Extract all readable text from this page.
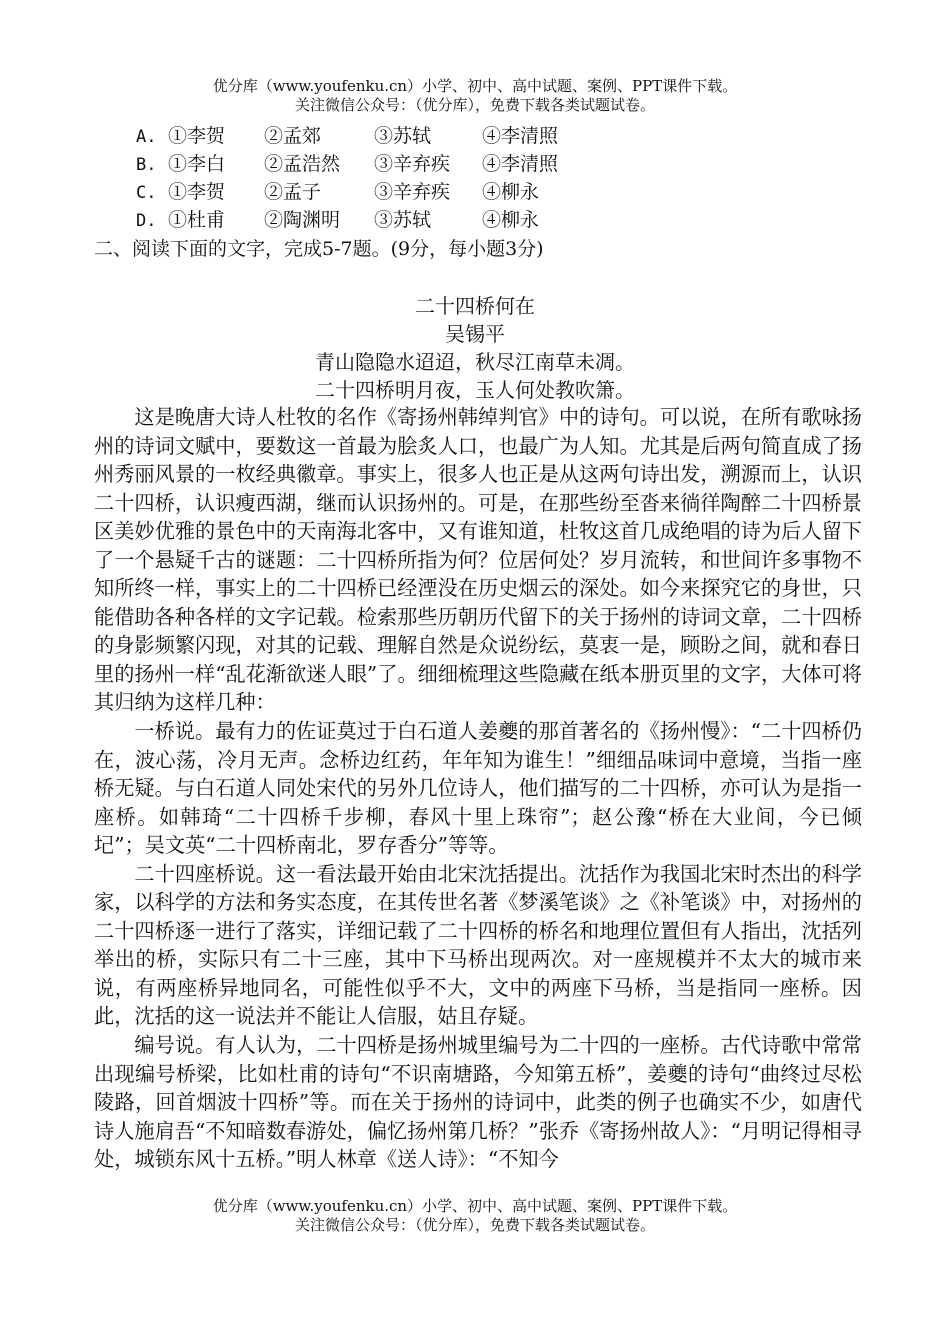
优分库（www.youfenku.cn）小学、初中、高中试题、案例、PPT课件下载。
关注微信公众号：（优分库），免费下载各类试题试卷。
A. ①李贺 ②孟郊	③苏轼	④李清照
B. ①李白 ②孟浩然 ③辛弃疾 ④李清照
C. ①李贺 ②孟子	③辛弃疾 ④柳永
D. ①杜甫 ②陶渊明 ③苏轼	④柳永
二、阅读下面的文字，完成5-7题。(9分，每小题3分)
二十四桥何在
吴锡平
青山隐隐水迢迢，秋尽江南草未凋。
二十四桥明月夜，玉人何处教吹箫。

这是晚唐大诗人杜牧的名作《寄扬州韩绰判官》中的诗句。可以说，在所有歌咏扬州的诗词文赋中，要数这一首最为脍炙人口，也最广为人知。尤其是后两句简直成了扬州秀丽风景的一枚经典徽章。事实上，很多人也正是从这两句诗出发，溯源而上，认识二十四桥，认识瘦西湖，继而认识扬州的。可是，在那些纷至沓来徜徉陶醉二十四桥景区美妙优雅的景色中的天南海北客中，又有谁知道，杜牧这首几成绝唱的诗为后人留下了一个悬疑千古的谜题：二十四桥所指为何？位居何处？岁月流转，和世间许多事物不知所终一样，事实上的二十四桥已经湮没在历史烟云的深处。如今来探究它的身世，只能借助各种各样的文字记载。检索那些历朝历代留下的关于扬州的诗词文章，二十四桥的身影频繁闪现，对其的记载、理解自然是众说纷纭，莫衷一是，顾盼之间，就和春日里的扬州一样“乱花渐欲迷人眼”了。细细梳理这些隐藏在纸本册页里的文字，大体可将其归纳为这样几种：

一桥说。最有力的佐证莫过于白石道人姜夔的那首著名的《扬州慢》：“二十四桥仍在，波心荡，冷月无声。念桥边红药，年年知为谁生！”细细品味词中意境，当指一座桥无疑。与白石道人同处宋代的另外几位诗人，他们描写的二十四桥，亦可认为是指一座桥。如韩琦“二十四桥千步柳，春风十里上珠帘”；赵公豫“桥在大业间，今已倾圮”；吴文英“二十四桥南北，罗存香分”等等。

二十四座桥说。这一看法最开始由北宋沈括提出。沈括作为我国北宋时杰出的科学家，以科学的方法和务实态度，在其传世名著《梦溪笔谈》之《补笔谈》中，对扬州的二十四桥逐一进行了落实，详细记载了二十四桥的桥名和地理位置但有人指出，沈括列举出的桥，实际只有二十三座，其中下马桥出现两次。对一座规模并不太大的城市来说，有两座桥异地同名，可能性似乎不大，文中的两座下马桥，当是指同一座桥。因此，沈括的这一说法并不能让人信服，姑且存疑。

编号说。有人认为，二十四桥是扬州城里编号为二十四的一座桥。古代诗歌中常常出现编号桥梁，比如杜甫的诗句“不识南塘路，今知第五桥”，姜夔的诗句“曲终过尽松陵路，回首烟波十四桥”等。而在关于扬州的诗词中，此类的例子也确实不少，如唐代诗人施肩吾“不知暗数春游处，偏忆扬州第几桥？”张乔《寄扬州故人》：“月明记得相寻处，城锁东风十五桥。”明人林章《送人诗》：“不知今

优分库（www.youfenku.cn）小学、初中、高中试题、案例、PPT课件下载。
关注微信公众号：（优分库），免费下载各类试题试卷。
